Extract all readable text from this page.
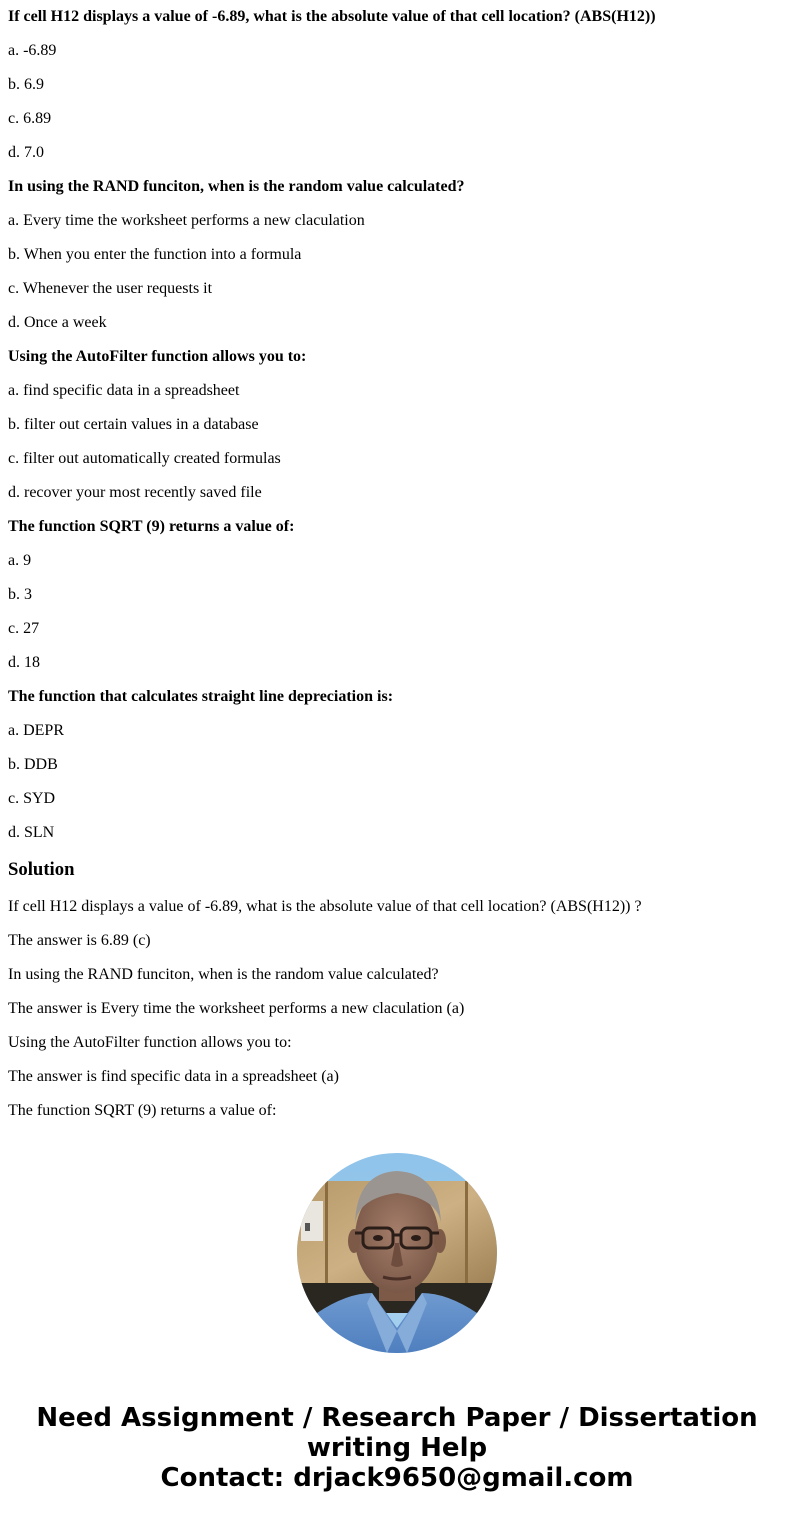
If cell H12 displays a value of -6.89, what is the absolute value of that cell location? (ABS(H12))

a. -6.89

b. 6.9

c. 6.89

d. 7.0

In using the RAND funciton, when is the random value calculated?

a. Every time the worksheet performs a new claculation

b. When you enter the function into a formula

c. Whenever the user requests it

d. Once a week

Using the AutoFilter function allows you to:

a. find specific data in a spreadsheet

b. filter out certain values in a database

c. filter out automatically created formulas

d. recover your most recently saved file

The function SQRT (9) returns a value of:

a. 9

b. 3

c. 27

d. 18

The function that calculates straight line depreciation is:

a. DEPR

b. DDB

c. SYD

d. SLN

Solution

If cell H12 displays a value of -6.89, what is the absolute value of that cell location? (ABS(H12)) ?

The answer is 6.89 (c)

In using the RAND funciton, when is the random value calculated?

The answer is Every time the worksheet performs a new claculation (a)

Using the AutoFilter function allows you to:

The answer is find specific data in a spreadsheet (a)

The function SQRT (9) returns a value of:

Need Assignment / Research Paper / Dissertation
writing Help
Contact: drjack9650@gmail.com
